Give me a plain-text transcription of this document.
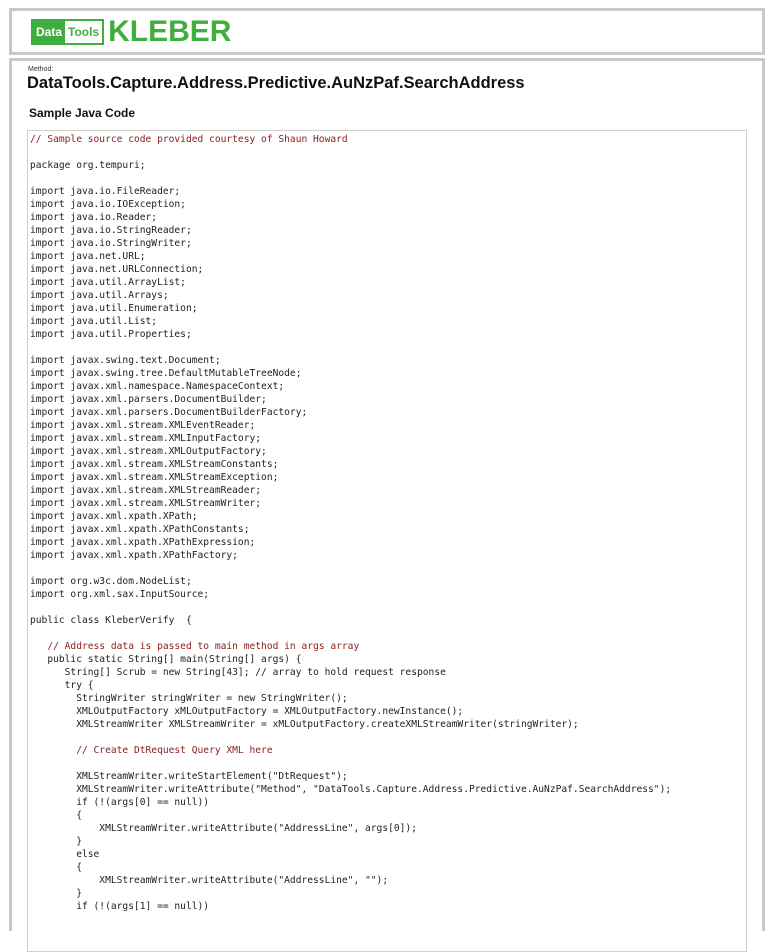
Data Tools KLEBER
Method:
DataTools.Capture.Address.Predictive.AuNzPaf.SearchAddress
Sample Java Code
// Sample source code provided courtesy of Shaun Howard

package org.tempuri;

import java.io.FileReader;
import java.io.IOException;
import java.io.Reader;
import java.io.StringReader;
import java.io.StringWriter;
import java.net.URL;
import java.net.URLConnection;
import java.util.ArrayList;
import java.util.Arrays;
import java.util.Enumeration;
import java.util.List;
import java.util.Properties;

import javax.swing.text.Document;
import javax.swing.tree.DefaultMutableTreeNode;
import javax.xml.namespace.NamespaceContext;
import javax.xml.parsers.DocumentBuilder;
import javax.xml.parsers.DocumentBuilderFactory;
import javax.xml.stream.XMLEventReader;
import javax.xml.stream.XMLInputFactory;
import javax.xml.stream.XMLOutputFactory;
import javax.xml.stream.XMLStreamConstants;
import javax.xml.stream.XMLStreamException;
import javax.xml.stream.XMLStreamReader;
import javax.xml.stream.XMLStreamWriter;
import javax.xml.xpath.XPath;
import javax.xml.xpath.XPathConstants;
import javax.xml.xpath.XPathExpression;
import javax.xml.xpath.XPathFactory;

import org.w3c.dom.NodeList;
import org.xml.sax.InputSource;

public class KleberVerify  {

// Address data is passed to main method in args array
public static String[] main(String[] args) {
String[] Scrub = new String[43]; // array to hold request response
try {
StringWriter stringWriter = new StringWriter();
XMLOutputFactory xMLOutputFactory = XMLOutputFactory.newInstance();
XMLStreamWriter XMLStreamWriter = xMLOutputFactory.createXMLStreamWriter(stringWriter);

// Create DtRequest Query XML here

XMLStreamWriter.writeStartElement("DtRequest");
XMLStreamWriter.writeAttribute("Method", "DataTools.Capture.Address.Predictive.AuNzPaf.SearchAddress");
if (!(args[0] == null))
{
XMLStreamWriter.writeAttribute("AddressLine", args[0]);
}
else
{
XMLStreamWriter.writeAttribute("AddressLine", "");
}
if (!(args[1] == null))
